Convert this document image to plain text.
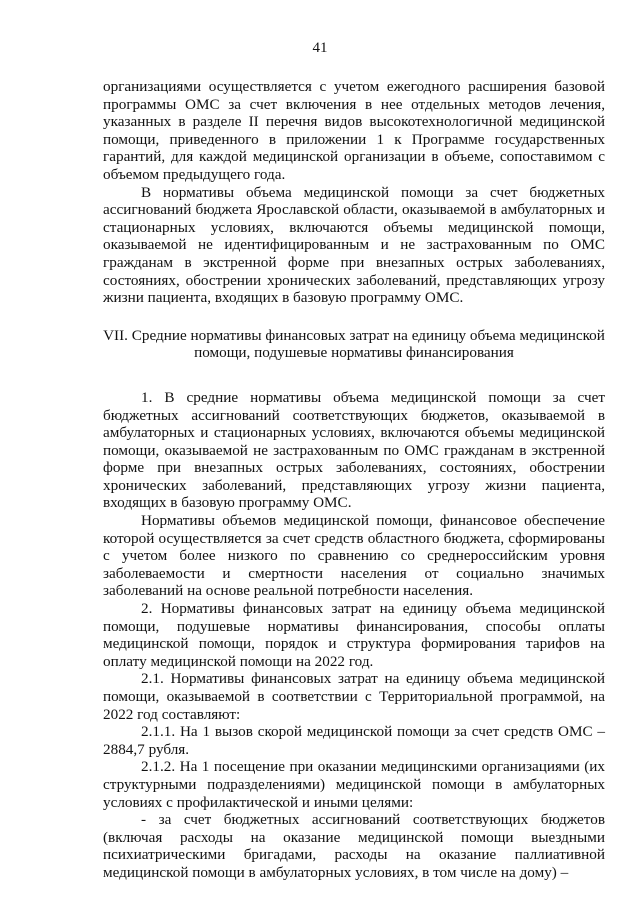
41

организациями осуществляется с учетом ежегодного расширения базовой программы ОМС за счет включения в нее отдельных методов лечения, указанных в разделе II перечня видов высокотехнологичной медицинской помощи, приведенного в приложении 1 к Программе государственных гарантий, для каждой медицинской организации в объеме, сопоставимом с объемом предыдущего года.

В нормативы объема медицинской помощи за счет бюджетных ассигнований бюджета Ярославской области, оказываемой в амбулаторных и стационарных условиях, включаются объемы медицинской помощи, оказываемой не идентифицированным и не застрахованным по ОМС гражданам в экстренной форме при внезапных острых заболеваниях, состояниях, обострении хронических заболеваний, представляющих угрозу жизни пациента, входящих в базовую программу ОМС.

VII. Средние нормативы финансовых затрат на единицу объема медицинской помощи, подушевые нормативы финансирования

1. В средние нормативы объема медицинской помощи за счет бюджетных ассигнований соответствующих бюджетов, оказываемой в амбулаторных и стационарных условиях, включаются объемы медицинской помощи, оказываемой не застрахованным по ОМС гражданам в экстренной форме при внезапных острых заболеваниях, состояниях, обострении хронических заболеваний, представляющих угрозу жизни пациента, входящих в базовую программу ОМС.

Нормативы объемов медицинской помощи, финансовое обеспечение которой осуществляется за счет средств областного бюджета, сформированы с учетом более низкого по сравнению со среднероссийским уровня заболеваемости и смертности населения от социально значимых заболеваний на основе реальной потребности населения.

2. Нормативы финансовых затрат на единицу объема медицинской помощи, подушевые нормативы финансирования, способы оплаты медицинской помощи, порядок и структура формирования тарифов на оплату медицинской помощи на 2022 год.

2.1. Нормативы финансовых затрат на единицу объема медицинской помощи, оказываемой в соответствии с Территориальной программой, на 2022 год составляют:

2.1.1. На 1 вызов скорой медицинской помощи за счет средств ОМС – 2884,7 рубля.

2.1.2. На 1 посещение при оказании медицинскими организациями (их структурными подразделениями) медицинской помощи в амбулаторных условиях с профилактической и иными целями:

- за счет бюджетных ассигнований соответствующих бюджетов (включая расходы на оказание медицинской помощи выездными психиатрическими бригадами, расходы на оказание паллиативной медицинской помощи в амбулаторных условиях, в том числе на дому) –
